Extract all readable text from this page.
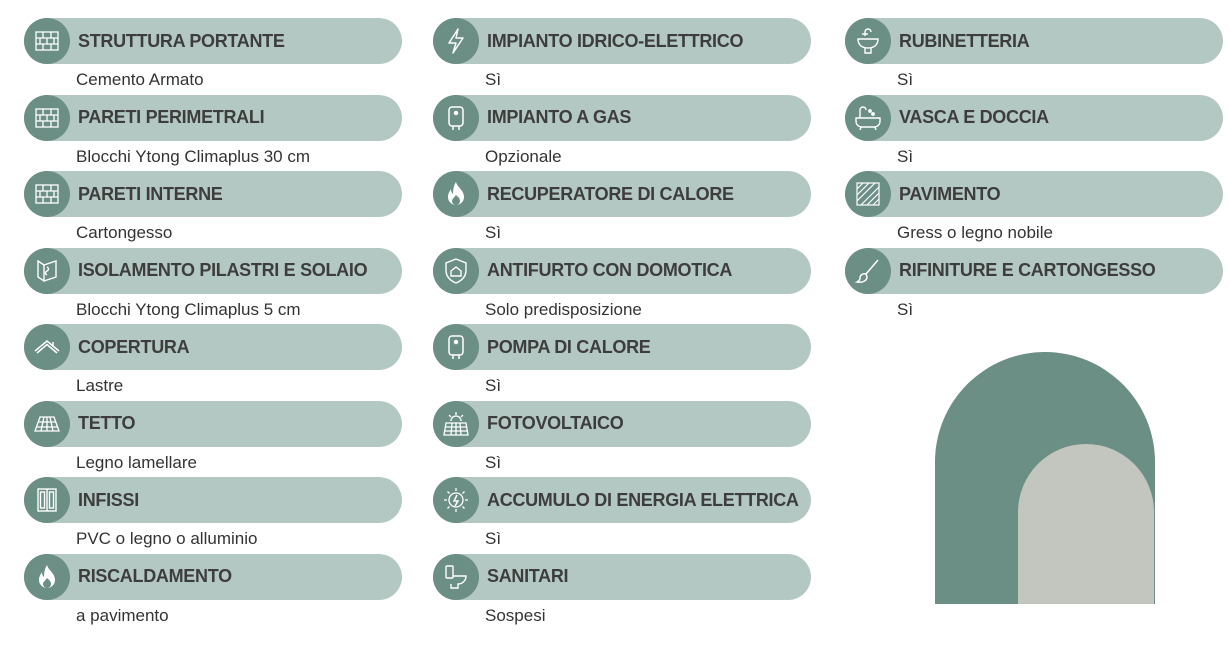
STRUTTURA PORTANTE
Cemento Armato
PARETI PERIMETRALI
Blocchi Ytong Climaplus 30 cm
PARETI INTERNE
Cartongesso
ISOLAMENTO PILASTRI E SOLAIO
Blocchi Ytong Climaplus 5 cm
COPERTURA
Lastre
TETTO
Legno lamellare
INFISSI
PVC o legno o alluminio
RISCALDAMENTO
a pavimento
IMPIANTO IDRICO-ELETTRICO
Sì
IMPIANTO A GAS
Opzionale
RECUPERATORE DI CALORE
Sì
ANTIFURTO CON DOMOTICA
Solo predisposizione
POMPA DI CALORE
Sì
FOTOVOLTAICO
Sì
ACCUMULO DI ENERGIA ELETTRICA
Sì
SANITARI
Sospesi
RUBINETTERIA
Sì
VASCA E DOCCIA
Sì
PAVIMENTO
Gress o legno nobile
RIFINITURE E CARTONGESSO
Sì
